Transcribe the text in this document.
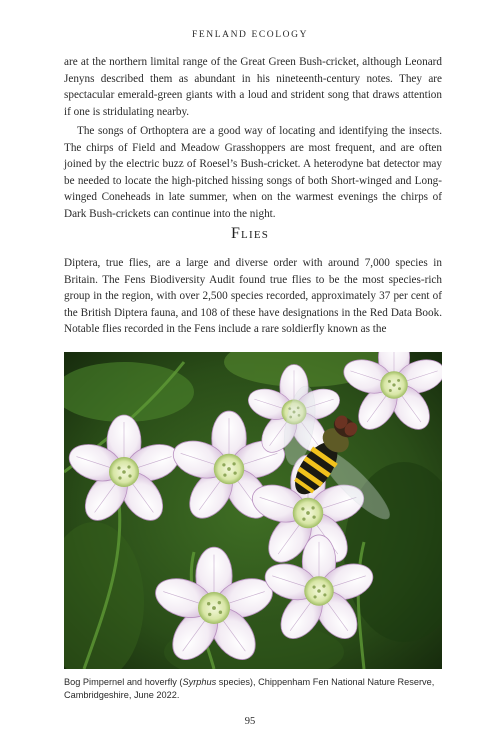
FENLAND ECOLOGY

are at the northern limital range of the Great Green Bush-cricket, although Leonard Jenyns described them as abundant in his nineteenth-century notes. They are spectacular emerald-green giants with a loud and strident song that draws attention if one is stridulating nearby.

The songs of Orthoptera are a good way of locating and identifying the insects. The chirps of Field and Meadow Grasshoppers are most frequent, and are often joined by the electric buzz of Roesel’s Bush-cricket. A heterodyne bat detector may be needed to locate the high-pitched hissing songs of both Short-winged and Long-winged Coneheads in late summer, when on the warmest evenings the chirps of Dark Bush-crickets can continue into the night.

Flies

Diptera, true flies, are a large and diverse order with around 7,000 species in Britain. The Fens Biodiversity Audit found true flies to be the most species-rich group in the region, with over 2,500 species recorded, approximately 37 per cent of the British Diptera fauna, and 108 of these have designations in the Red Data Book. Notable flies recorded in the Fens include a rare soldierfly known as the

Bog Pimpernel and hoverfly (Syrphus species), Chippenham Fen National Nature Reserve, Cambridgeshire, June 2022.

95
